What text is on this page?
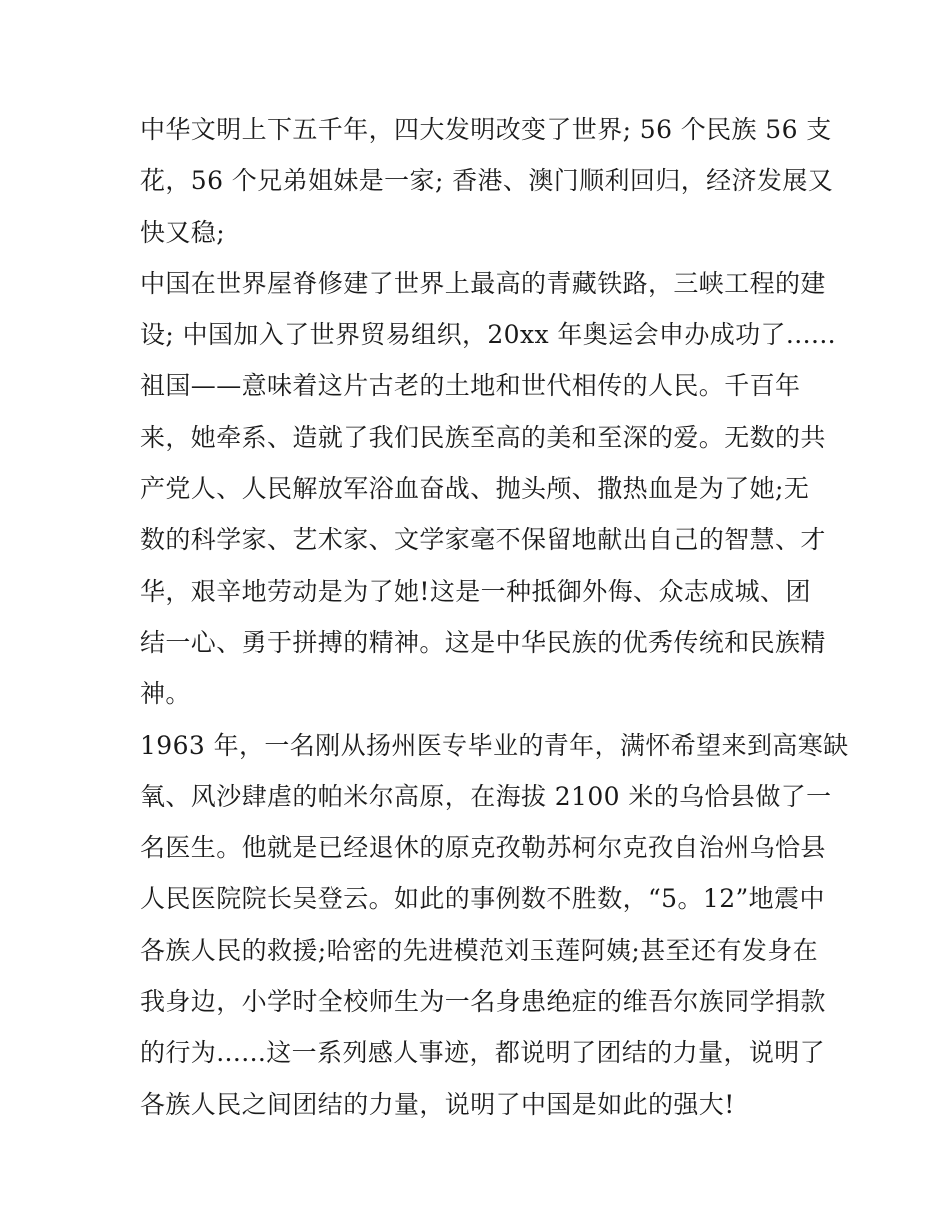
中华文明上下五千年，四大发明改变了世界; 56 个民族 56 支
花，56 个兄弟姐妹是一家; 香港、澳门顺利回归，经济发展又
快又稳;
中国在世界屋脊修建了世界上最高的青藏铁路，三峡工程的建
设; 中国加入了世界贸易组织，20xx 年奥运会申办成功了......
祖国——意味着这片古老的土地和世代相传的人民。千百年
来，她牵系、造就了我们民族至高的美和至深的爱。无数的共
产党人、人民解放军浴血奋战、抛头颅、撒热血是为了她;无
数的科学家、艺术家、文学家毫不保留地献出自己的智慧、才
华，艰辛地劳动是为了她!这是一种抵御外侮、众志成城、团
结一心、勇于拼搏的精神。这是中华民族的优秀传统和民族精
神。
1963 年，一名刚从扬州医专毕业的青年，满怀希望来到高寒缺
氧、风沙肆虐的帕米尔高原，在海拔 2100 米的乌恰县做了一
名医生。他就是已经退休的原克孜勒苏柯尔克孜自治州乌恰县
人民医院院长吴登云。如此的事例数不胜数，“5。12”地震中
各族人民的救援;哈密的先进模范刘玉莲阿姨;甚至还有发身在
我身边，小学时全校师生为一名身患绝症的维吾尔族同学捐款
的行为......这一系列感人事迹，都说明了团结的力量，说明了
各族人民之间团结的力量，说明了中国是如此的强大!
